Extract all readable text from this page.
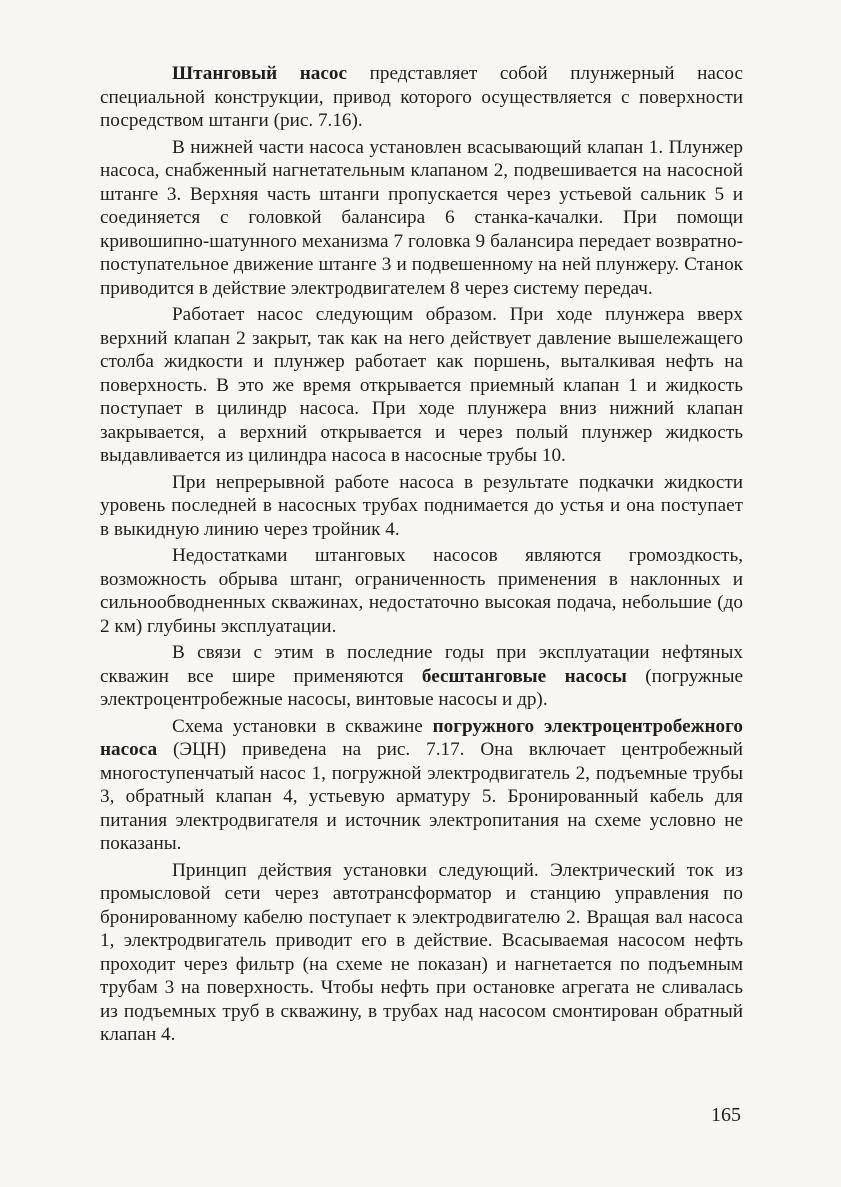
Штанговый насос представляет собой плунжерный насос специальной конструкции, привод которого осуществляется с поверхности посредством штанги (рис. 7.16).

В нижней части насоса установлен всасывающий клапан 1. Плунжер насоса, снабженный нагнетательным клапаном 2, подвешивается на насосной штанге 3. Верхняя часть штанги пропускается через устьевой сальник 5 и соединяется с головкой балансира 6 станка-качалки. При помощи кривошипно-шатунного механизма 7 головка 9 балансира передает возвратно-поступательное движение штанге 3 и подвешенному на ней плунжеру. Станок приводится в действие электродвигателем 8 через систему передач.

Работает насос следующим образом. При ходе плунжера вверх верхний клапан 2 закрыт, так как на него действует давление вышележащего столба жидкости и плунжер работает как поршень, выталкивая нефть на поверхность. В это же время открывается приемный клапан 1 и жидкость поступает в цилиндр насоса. При ходе плунжера вниз нижний клапан закрывается, а верхний открывается и через полый плунжер жидкость выдавливается из цилиндра насоса в насосные трубы 10.

При непрерывной работе насоса в результате подкачки жидкости уровень последней в насосных трубах поднимается до устья и она поступает в выкидную линию через тройник 4.

Недостатками штанговых насосов являются громоздкость, возможность обрыва штанг, ограниченность применения в наклонных и сильнообводненных скважинах, недостаточно высокая подача, небольшие (до 2 км) глубины эксплуатации.

В связи с этим в последние годы при эксплуатации нефтяных скважин все шире применяются бесштанговые насосы (погружные электроцентробежные насосы, винтовые насосы и др).

Схема установки в скважине погружного электроцентробежного насоса (ЭЦН) приведена на рис. 7.17. Она включает центробежный многоступенчатый насос 1, погружной электродвигатель 2, подъемные трубы 3, обратный клапан 4, устьевую арматуру 5. Бронированный кабель для питания электродвигателя и источник электропитания на схеме условно не показаны.

Принцип действия установки следующий. Электрический ток из промысловой сети через автотрансформатор и станцию управления по бронированному кабелю поступает к электродвигателю 2. Вращая вал насоса 1, электродвигатель приводит его в действие. Всасываемая насосом нефть проходит через фильтр (на схеме не показан) и нагнетается по подъемным трубам 3 на поверхность. Чтобы нефть при остановке агрегата не сливалась из подъемных труб в скважину, в трубах над насосом смонтирован обратный клапан 4.

165
